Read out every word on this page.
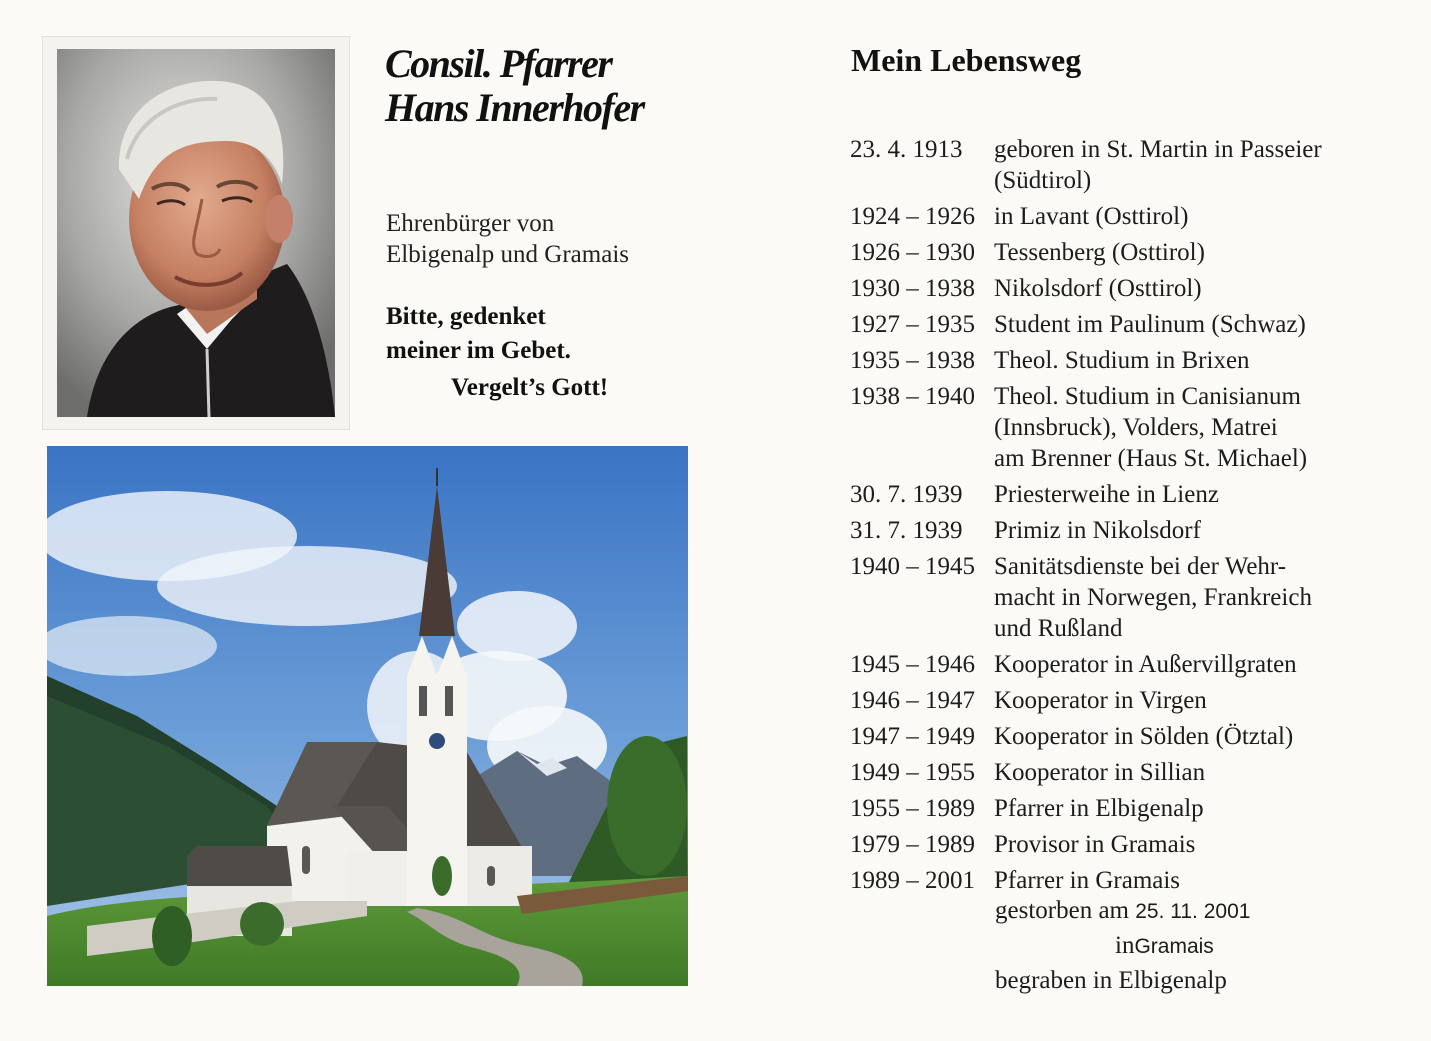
Consil. Pfarrer
Hans Innerhofer
Ehrenbürger von
Elbigenalp und Gramais
Bitte, gedenket
meiner im Gebet.
Vergelt’s Gott!
Mein Lebensweg
23. 4. 1913	geboren in St. Martin in Passeier
(Südtirol)
1924 – 1926 in Lavant (Osttirol)
1926 – 1930 Tessenberg (Osttirol)
1930 – 1938 Nikolsdorf (Osttirol)
1927 – 1935 Student im Paulinum (Schwaz)
1935 – 1938 Theol. Studium in Brixen
1938 – 1940 Theol. Studium in Canisianum
(Innsbruck), Volders, Matrei
am Brenner (Haus St. Michael)
30. 7. 1939	Priesterweihe in Lienz
31. 7. 1939	Primiz in Nikolsdorf
1940 – 1945 Sanitätsdienste bei der Wehr-
macht in Norwegen, Frankreich
und Rußland
1945 – 1946 Kooperator in Außervillgraten
1946 – 1947 Kooperator in Virgen
1947 – 1949 Kooperator in Sölden (Ötztal)
1949 – 1955 Kooperator in Sillian
1955 – 1989 Pfarrer in Elbigenalp
1979 – 1989 Provisor in Gramais
1989 – 2001 Pfarrer in Gramais
gestorben am 25. 11. 2001
inGramais
begraben in Elbigenalp
